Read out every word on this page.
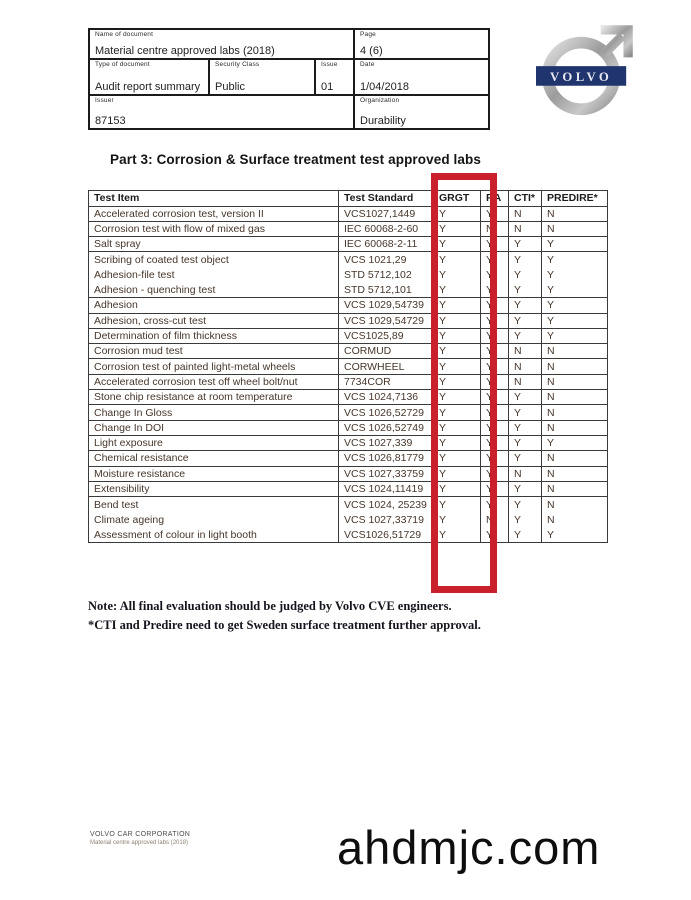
Name of document
Material centre approved labs (2018)
Page
4 (6)
Type of document
Audit report summary
Security Class
Public
Issue
01
Date
1/04/2018
Issuer
87153
Organization
Durability
VOLVO
Part 3: Corrosion & Surface treatment test approved labs
Test Item	Test Standard	GRGT	RA	CTI*	PREDIRE*
Accelerated corrosion test, version II	VCS1027,1449	Y	Y	N	N
Corrosion test with flow of mixed gas	IEC 60068-2-60	Y	N	N	N
Salt spray	IEC 60068-2-11	Y	Y	Y	Y
Scribing of coated test object	VCS 1021,29	Y	Y	Y	Y
Adhesion-file test	STD 5712,102	Y	Y	Y	Y
Adhesion - quenching test	STD 5712,101	Y	Y	Y	Y
Adhesion	VCS 1029,54739	Y	Y	Y	Y
Adhesion, cross-cut test	VCS 1029,54729	Y	Y	Y	Y
Determination of film thickness	VCS1025,89	Y	Y	Y	Y
Corrosion mud test	CORMUD	Y	Y	N	N
Corrosion test of painted light-metal wheels	CORWHEEL	Y	Y	N	N
Accelerated corrosion test off wheel bolt/nut	7734COR	Y	Y	N	N
Stone chip resistance at room temperature	VCS 1024,7136	Y	Y	Y	N
Change In Gloss	VCS 1026,52729	Y	Y	Y	N
Change In DOI	VCS 1026,52749	Y	Y	Y	N
Light exposure	VCS 1027,339	Y	Y	Y	Y
Chemical resistance	VCS 1026,81779	Y	Y	Y	N
Moisture resistance	VCS 1027,33759	Y	Y	N	N
Extensibility	VCS 1024,11419	Y	Y	Y	N
Bend test	VCS 1024, 25239	Y	Y	Y	N
Climate ageing	VCS 1027,33719	Y	N	Y	N
Assessment of colour in light booth	VCS1026,51729	Y	Y	Y	Y
Note: All final evaluation should be judged by Volvo CVE engineers.
*CTI and Predire need to get Sweden surface treatment further approval.
VOLVO CAR CORPORATION
Material centre approved labs (2018)	ahdmjc.com
